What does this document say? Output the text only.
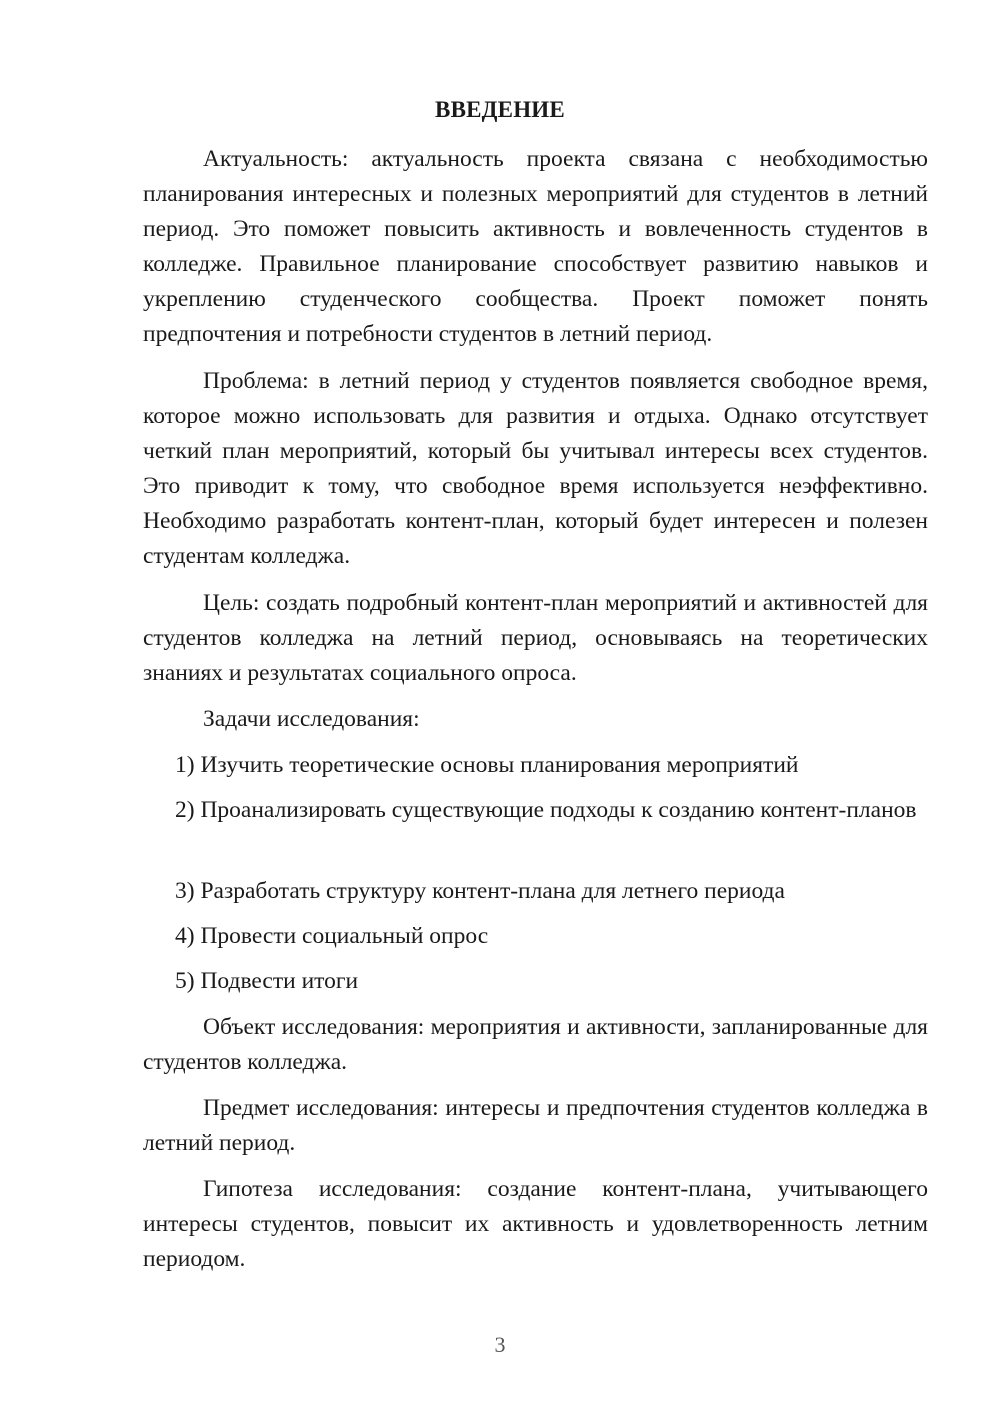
ВВЕДЕНИЕ

Актуальность: актуальность проекта связана с необходимостью планирования интересных и полезных мероприятий для студентов в летний период. Это поможет повысить активность и вовлеченность студентов в колледже. Правильное планирование способствует развитию навыков и укреплению студенческого сообщества. Проект поможет понять предпочтения и потребности студентов в летний период.

Проблема: в летний период у студентов появляется свободное время, которое можно использовать для развития и отдыха. Однако отсутствует четкий план мероприятий, который бы учитывал интересы всех студентов. Это приводит к тому, что свободное время используется неэффективно. Необходимо разработать контент-план, который будет интересен и полезен студентам колледжа.

Цель: создать подробный контент-план мероприятий и активностей для студентов колледжа на летний период, основываясь на теоретических знаниях и результатах социального опроса.

Задачи исследования:

1) Изучить теоретические основы планирования мероприятий

2) Проанализировать существующие подходы к созданию контент-планов

3) Разработать структуру контент-плана для летнего периода

4) Провести социальный опрос

5) Подвести итоги

Объект исследования: мероприятия и активности, запланированные для студентов колледжа.

Предмет исследования: интересы и предпочтения студентов колледжа в летний период.

Гипотеза исследования: создание контент-плана, учитывающего интересы студентов, повысит их активность и удовлетворенность летним периодом.

3
